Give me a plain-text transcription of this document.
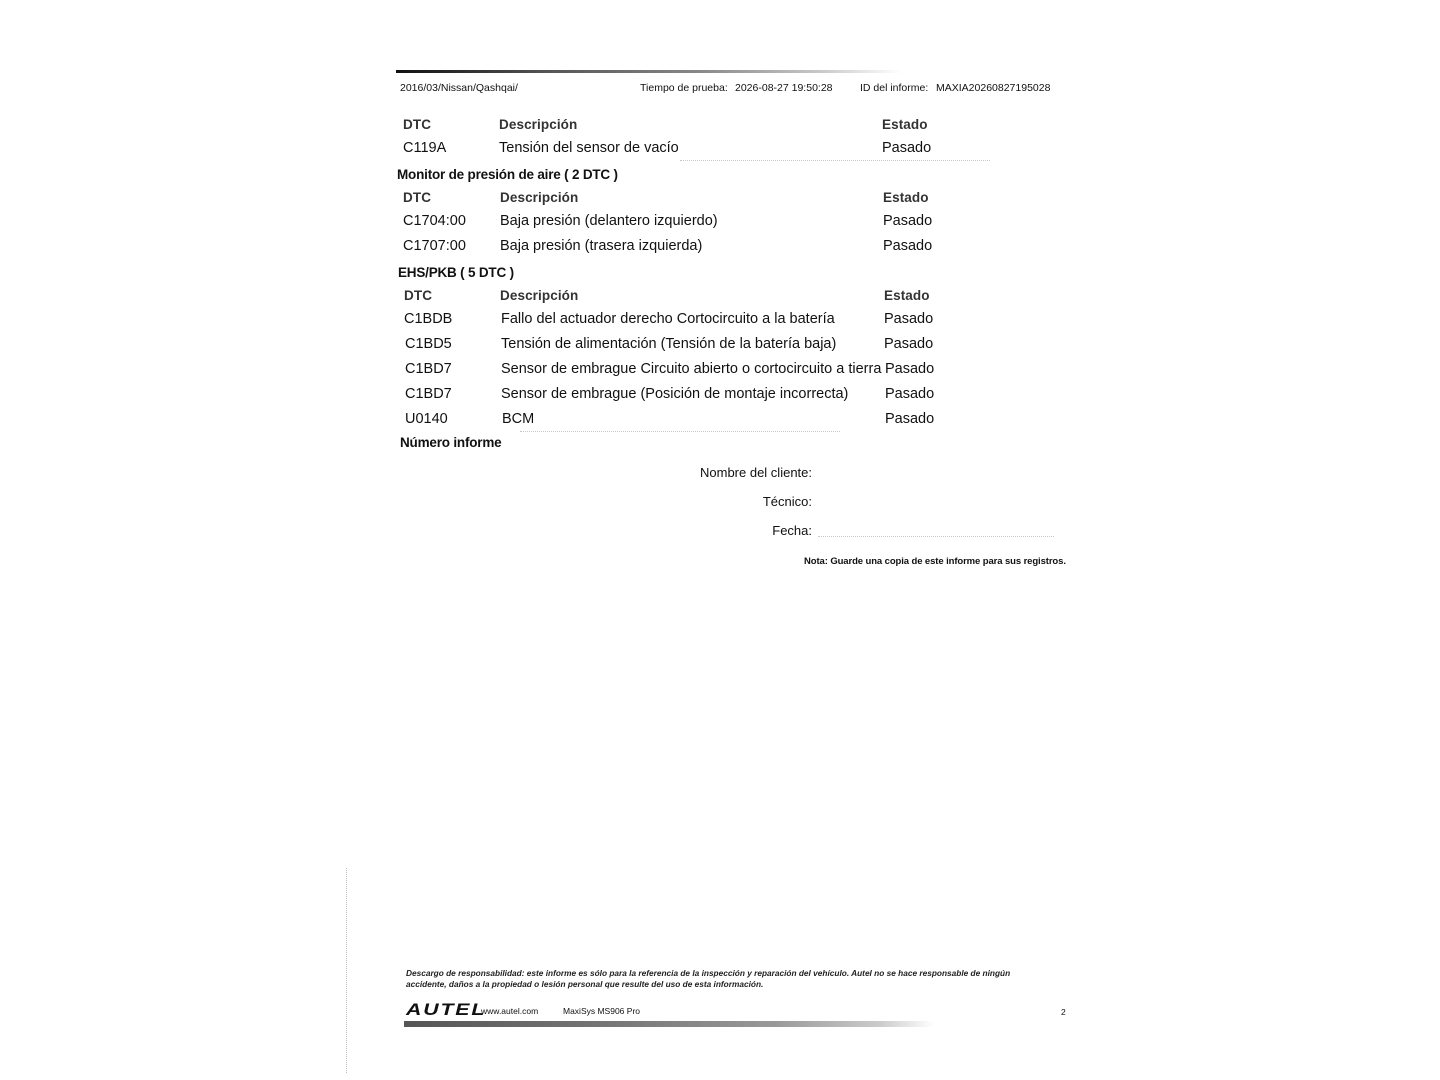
2016/03/Nissan/Qashqai/	Tiempo de prueba: 2026-08-27 19:50:28	ID del informe: MAXIA20260827195028
DTC	Descripción	Estado
C119A	Tensión del sensor de vacío	Pasado
Monitor de presión de aire ( 2 DTC )
DTC	Descripción	Estado
C1704:00 Baja presión (delantero izquierdo)	Pasado
C1707:00 Baja presión (trasera izquierda)	Pasado
EHS/PKB ( 5 DTC )
DTC	Descripción	Estado
C1BDB	Fallo del actuador derecho Cortocircuito a la batería	Pasado
C1BD5	Tensión de alimentación (Tensión de la batería baja)	Pasado
C1BD7	Sensor de embrague Circuito abierto o cortocircuito a tierra Pasado
C1BD7	Sensor de embrague (Posición de montaje incorrecta)	Pasado
U0140	BCM	Pasado
Número informe
Nombre del cliente:
Técnico:
Fecha:
Nota: Guarde una copia de este informe para sus registros.
Descargo de responsabilidad: este informe es sólo para la referencia de la inspección y reparación del vehículo. Autel no se hace responsable de ningún accidente, daños a la propiedad o lesión personal que resulte del uso de esta información.
AUTEL
www.autel.com	MaxiSys MS906 Pro	2
